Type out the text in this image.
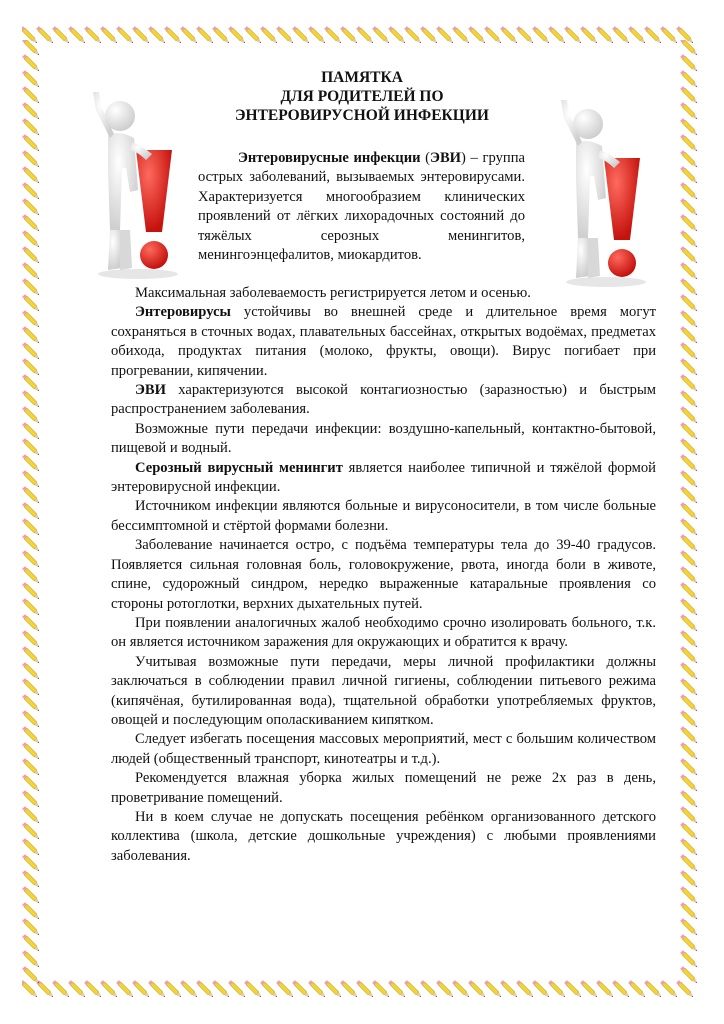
ПАМЯТКА
ДЛЯ РОДИТЕЛЕЙ ПО
ЭНТЕРОВИРУСНОЙ ИНФЕКЦИИ
Энтеровирусные инфекции (ЭВИ) – группа острых заболеваний, вызываемых энтеровирусами. Характеризуется многообразием клинических проявлений от лёгких лихорадочных состояний до тяжёлых серозных менингитов, менингоэнцефалитов, миокардитов.

Максимальная заболеваемость регистрируется летом и осенью.

Энтеровирусы устойчивы во внешней среде и длительное время могут сохраняться в сточных водах, плавательных бассейнах, открытых водоёмах, предметах обихода, продуктах питания (молоко, фрукты, овощи). Вирус погибает при прогревании, кипячении.

ЭВИ характеризуются высокой контагиозностью (заразностью) и быстрым распространением заболевания.

Возможные пути передачи инфекции: воздушно-капельный, контактно-бытовой, пищевой и водный.

Серозный вирусный менингит является наиболее типичной и тяжёлой формой энтеровирусной инфекции.

Источником инфекции являются больные и вирусоносители, в том числе больные бессимптомной и стёртой формами болезни.

Заболевание начинается остро, с подъёма температуры тела до 39-40 градусов. Появляется сильная головная боль, головокружение, рвота, иногда боли в животе, спине, судорожный синдром, нередко выраженные катаральные проявления со стороны ротоглотки, верхних дыхательных путей.

При появлении аналогичных жалоб необходимо срочно изолировать больного, т.к. он является источником заражения для окружающих и обратится к врачу.

Учитывая возможные пути передачи, меры личной профилактики должны заключаться в соблюдении правил личной гигиены, соблюдении питьевого режима (кипячёная, бутилированная вода), тщательной обработки употребляемых фруктов, овощей и последующим ополаскиванием кипятком.

Следует избегать посещения массовых мероприятий, мест с большим количеством людей (общественный транспорт, кинотеатры и т.д.).

Рекомендуется влажная уборка жилых помещений не реже 2х раз в день, проветривание помещений.

Ни в коем случае не допускать посещения ребёнком организованного детского коллектива (школа, детские дошкольные учреждения) с любыми проявлениями заболевания.
